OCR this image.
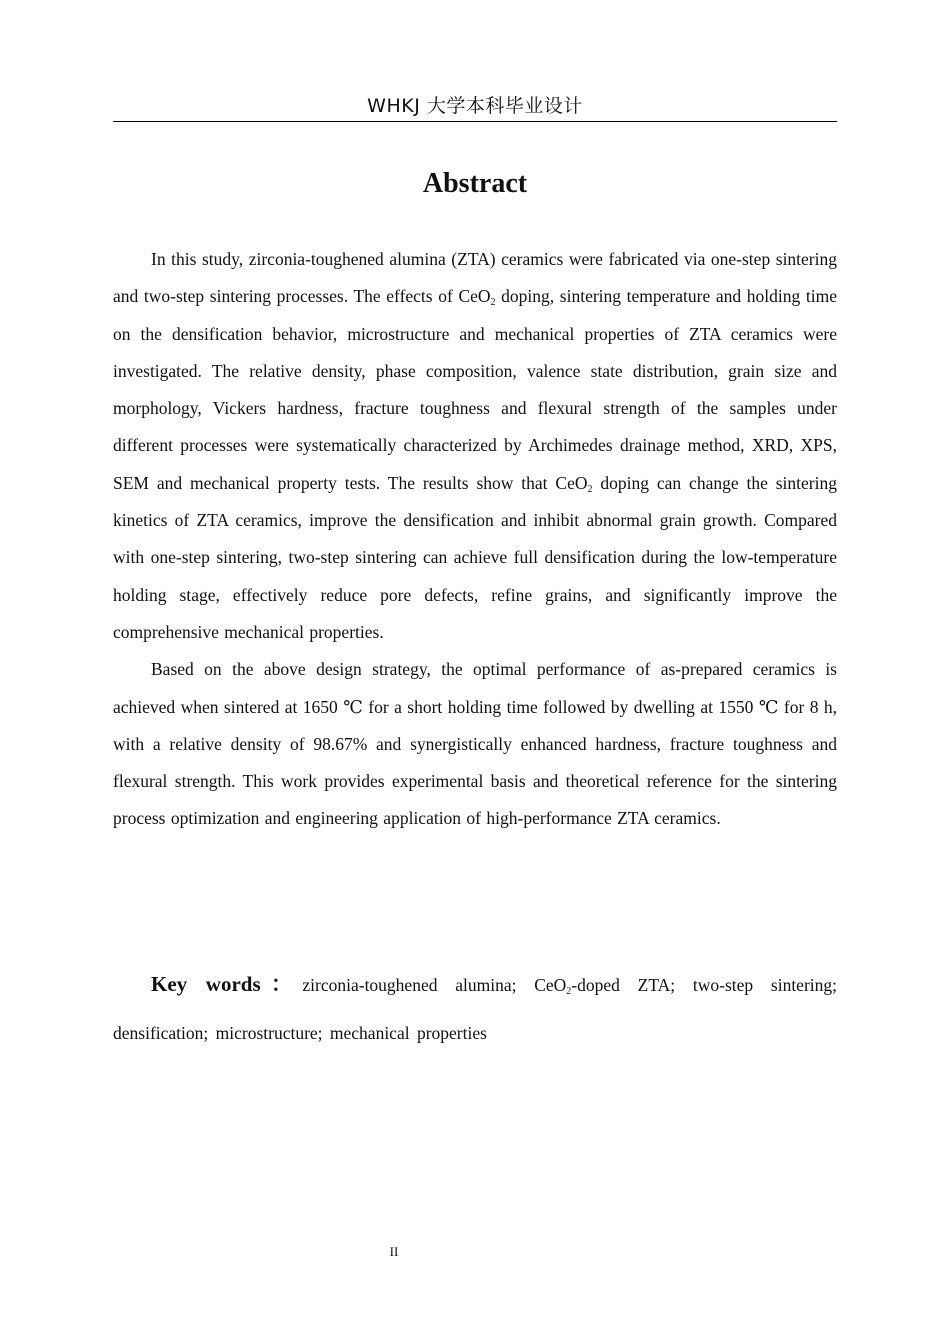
WHKJ 大学本科毕业设计
Abstract

In this study, zirconia-toughened alumina (ZTA) ceramics were fabricated via one-step sintering and two-step sintering processes. The effects of CeO$_2$ doping, sintering temperature and holding time on the densification behavior, microstructure and mechanical properties of ZTA ceramics were investigated. The relative density, phase composition, valence state distribution, grain size and morphology, Vickers hardness, fracture toughness and flexural strength of the samples under different processes were systematically characterized by Archimedes drainage method, XRD, XPS, SEM and mechanical property tests. The results show that CeO$_2$ doping can change the sintering kinetics of ZTA ceramics, improve the densification and inhibit abnormal grain growth. Compared with one-step sintering, two-step sintering can achieve full densification during the low-temperature holding stage, effectively reduce pore defects, refine grains, and significantly improve the comprehensive mechanical properties.

Based on the above design strategy, the optimal performance of as-prepared ceramics is achieved when sintered at 1650 ℃ for a short holding time followed by dwelling at 1550 ℃ for 8 h, with a relative density of 98.67% and synergistically enhanced hardness, fracture toughness and flexural strength. This work provides experimental basis and theoretical reference for the sintering process optimization and engineering application of high-performance ZTA ceramics.

Key words：zirconia-toughened alumina; CeO$_2$-doped ZTA; two-step sintering; densification; microstructure; mechanical properties
II
